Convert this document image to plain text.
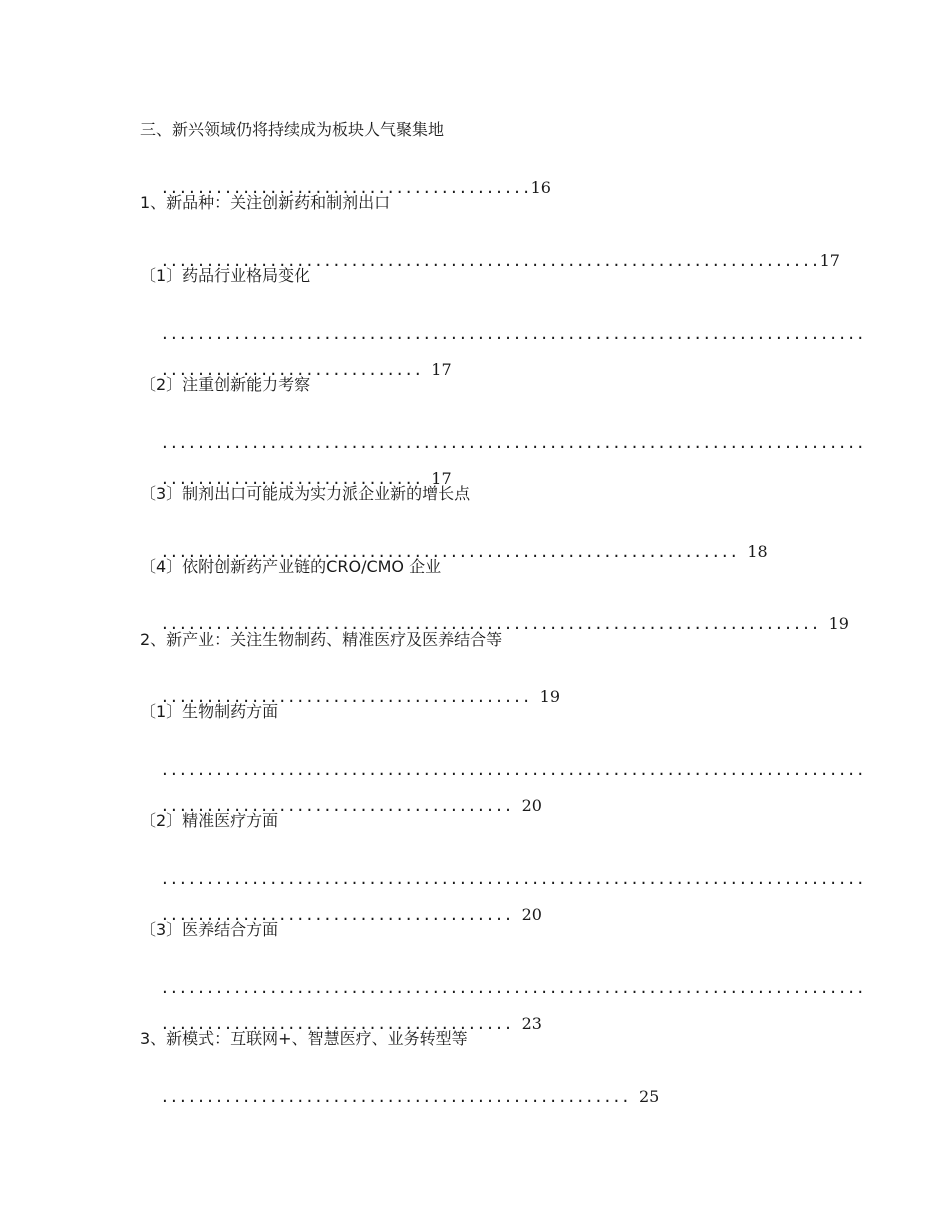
三、新兴领域仍将持续成为板块人气聚集地

.........................................16

1、新品种：关注创新药和制剂出口

.........................................................................17

〔1〕药品行业格局变化

..............................................................................

............................. 17

〔2〕注重创新能力考察

..............................................................................

............................. 17

〔3〕制剂出口可能成为实力派企业新的增长点

................................................................ 18

〔4〕依附创新药产业链的CRO/CMO 企业

......................................................................... 19

2、新产业：关注生物制药、精准医疗及医养结合等

......................................... 19

〔1〕生物制药方面

..............................................................................

....................................... 20

〔2〕精准医疗方面

..............................................................................

....................................... 20

〔3〕医养结合方面

..............................................................................

....................................... 23

3、新模式：互联网+、智慧医疗、业务转型等

.................................................... 25
